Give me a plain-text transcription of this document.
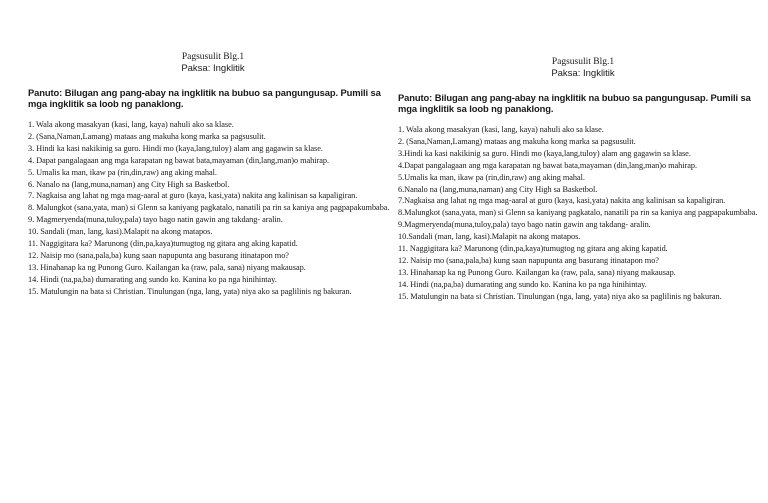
Pagsusulit Blg.1
Paksa: Ingklitik
Panuto: Bilugan ang pang-abay na ingklitik na bubuo sa pangungusap. Pumili sa mga ingklitik sa loob ng panaklong.
1. Wala akong masakyan (kasi, lang, kaya) nahuli ako sa klase.
2. (Sana,Naman,Lamang) mataas ang makuha kong marka sa pagsusulit.
3. Hindi ka kasi nakikinig sa guro. Hindi mo (kaya,lang,tuloy) alam ang gagawin sa klase.
4. Dapat pangalagaan ang mga karapatan ng bawat bata,mayaman (din,lang,man)o mahirap.
5. Umalis ka man, ikaw pa (rin,din,raw) ang aking mahal.
6. Nanalo na (lang,muna,naman) ang City High sa Basketbol.
7. Nagkaisa ang lahat ng mga mag-aaral at guro (kaya, kasi,yata) nakita ang kalinisan sa kapaligiran.
8. Malungkot (sana,yata, man) si Glenn sa kaniyang pagkatalo, nanatili pa rin sa kaniya ang pagpapakumbaba.
9. Magmeryenda(muna,tuloy,pala) tayo bago natin gawin ang takdang- aralin.
10. Sandali (man, lang, kasi).Malapit na akong matapos.
11. Naggigitara ka? Marunong (din,pa,kaya)tumugtog ng gitara ang aking kapatid.
12. Naisip mo (sana,pala,ba) kung saan napupunta ang basurang itinatapon mo?
13. Hinahanap ka ng Punong Guro. Kailangan ka (raw, pala, sana) niyang makausap.
14. Hindi (na,pa,ba) dumarating ang sundo ko. Kanina ko pa nga hinihintay.
15. Matulungin na bata si Christian. Tinulungan (nga, lang, yata) niya ako sa paglilinis ng bakuran.
Pagsusulit Blg.1
Paksa: Ingklitik
Panuto: Bilugan ang pang-abay na ingklitik na bubuo sa pangungusap. Pumili sa mga ingklitik sa loob ng panaklong.
1. Wala akong masakyan (kasi, lang, kaya) nahuli ako sa klase.
2. (Sana,Naman,Lamang) mataas ang makuha kong marka sa pagsusulit.
3.Hindi ka kasi nakikinig sa guro. Hindi mo (kaya,lang,tuloy) alam ang gagawin sa klase.
4.Dapat pangalagaan ang mga karapatan ng bawat bata,mayaman (din,lang,man)o mahirap.
5.Umalis ka man, ikaw pa (rin,din,raw) ang aking mahal.
6.Nanalo na (lang,muna,naman) ang City High sa Basketbol.
7.Nagkaisa ang lahat ng mga mag-aaral at guro (kaya, kasi,yata) nakita ang kalinisan sa kapaligiran.
8.Malungkot (sana,yata, man) si Glenn sa kaniyang pagkatalo, nanatili pa rin sa kaniya ang pagpapakumbaba.
9.Magmeryenda(muna,tuloy,pala) tayo bago natin gawin ang takdang- aralin.
10.Sandali (man, lang, kasi).Malapit na akong matapos.
11. Naggigitara ka? Marunong (din,pa,kaya)tumugtog ng gitara ang aking kapatid.
12. Naisip mo (sana,pala,ba) kung saan napupunta ang basurang itinatapon mo?
13. Hinahanap ka ng Punong Guro. Kailangan ka (raw, pala, sana) niyang makausap.
14. Hindi (na,pa,ba) dumarating ang sundo ko. Kanina ko pa nga hinihintay.
15. Matulungin na bata si Christian. Tinulungan (nga, lang, yata) niya ako sa paglilinis ng bakuran.
